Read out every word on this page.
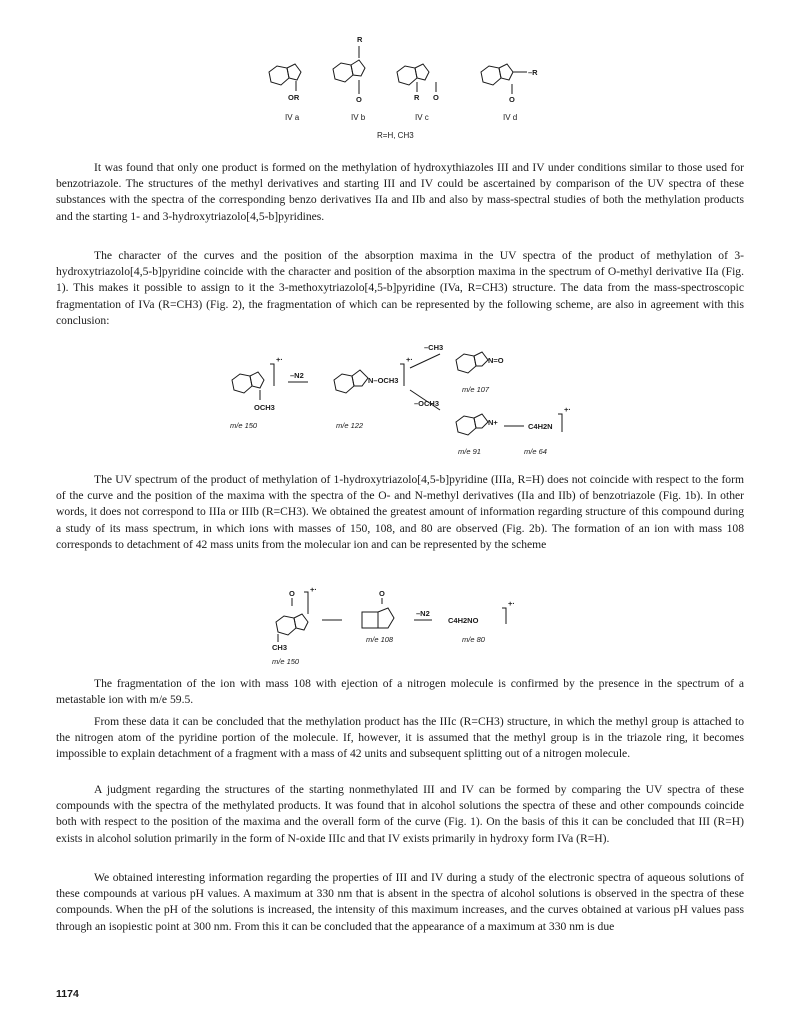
OR
R
O	R O
–R
O
IV a	IV b	IV c	IV d
R=H, CH3

It was found that only one product is formed on the methylation of hydroxythiazoles III and IV under conditions similar to those used for benzotriazole. The structures of the methyl derivatives and starting III and IV could be ascertained by comparison of the UV spectra of these substances with the spectra of the corresponding benzo derivatives IIa and IIb and also by mass-spectral studies of both the methylation products and the starting 1- and 3-hydroxytriazolo[4,5-b]pyridines.

The character of the curves and the position of the absorption maxima in the UV spectra of the product of methylation of 3-hydroxytriazolo[4,5-b]pyridine coincide with the character and position of the absorption maxima in the spectrum of O-methyl derivative IIa (Fig. 1). This makes it possible to assign to it the 3-methoxytriazolo[4,5-b]pyridine (IVa, R=CH3) structure. The data from the mass-spectroscopic fragmentation of IVa (R=CH3) (Fig. 2), the fragmentation of which can be represented by the following scheme, are also in agreement with this conclusion:

–CH3
–OCH3
–N2
+·	+·
+·
OCH3
N–OCH3
N=O
N+	C4H2N
m/e 150	m/e 122
m/e 107
m/e 91	m/e 64

The UV spectrum of the product of methylation of 1-hydroxytriazolo[4,5-b]pyridine (IIIa, R=H) does not coincide with respect to the form of the curve and the position of the maxima with the spectra of the O- and N-methyl derivatives (IIa and IIb) of benzotriazole (Fig. 1b). In other words, it does not correspond to IIIa or IIIb (R=CH3). We obtained the greatest amount of information regarding structure of this compound during a study of its mass spectrum, in which ions with masses of 150, 108, and 80 are observed (Fig. 2b). The formation of an ion with mass 108 corresponds to detachment of 42 mass units from the molecular ion and can be represented by the scheme

O	O
+·
+·
–N2
CH3
C4H2NO
m/e 150
m/e 108	m/e 80

The fragmentation of the ion with mass 108 with ejection of a nitrogen molecule is confirmed by the presence in the spectrum of a metastable ion with m/e 59.5.

From these data it can be concluded that the methylation product has the IIIc (R=CH3) structure, in which the methyl group is attached to the nitrogen atom of the pyridine portion of the molecule. If, however, it is assumed that the methyl group is in the triazole ring, it becomes impossible to explain detachment of a fragment with a mass of 42 units and subsequent splitting out of a nitrogen molecule.

A judgment regarding the structures of the starting nonmethylated III and IV can be formed by comparing the UV spectra of these compounds with the spectra of the methylated products. It was found that in alcohol solutions the spectra of these and other compounds coincide both with respect to the position of the maxima and the overall form of the curve (Fig. 1). On the basis of this it can be concluded that III (R=H) exists in alcohol solution primarily in the form of N-oxide IIIc and that IV exists primarily in hydroxy form IVa (R=H).

We obtained interesting information regarding the properties of III and IV during a study of the electronic spectra of aqueous solutions of these compounds at various pH values. A maximum at 330 nm that is absent in the spectra of alcohol solutions is observed in the spectra of these compounds. When the pH of the solutions is increased, the intensity of this maximum increases, and the curves obtained at various pH values pass through an isopiestic point at 300 nm. From this it can be concluded that the appearance of a maximum at 330 nm is due

1174
